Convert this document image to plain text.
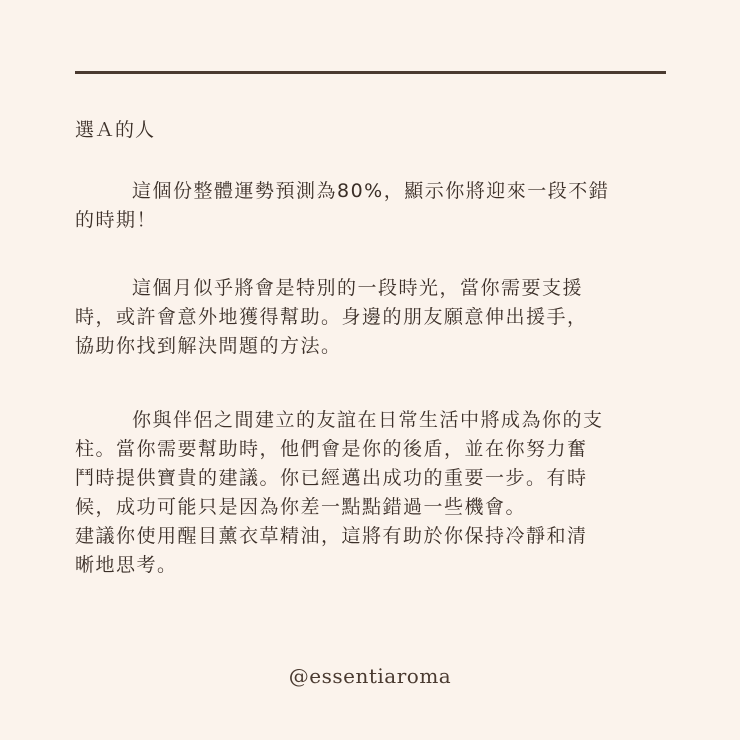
選Ａ的人
這個份整體運勢預測為80%，顯示你將迎來一段不錯
的時期！
這個月似乎將會是特別的一段時光，當你需要支援
時，或許會意外地獲得幫助。身邊的朋友願意伸出援手，
協助你找到解決問題的方法。
你與伴侶之間建立的友誼在日常生活中將成為你的支
柱。當你需要幫助時，他們會是你的後盾，並在你努力奮
鬥時提供寶貴的建議。你已經邁出成功的重要一步。有時
候，成功可能只是因為你差一點點錯過一些機會。
建議你使用醒目薰衣草精油，這將有助於你保持冷靜和清
晰地思考。
@essentiaroma
